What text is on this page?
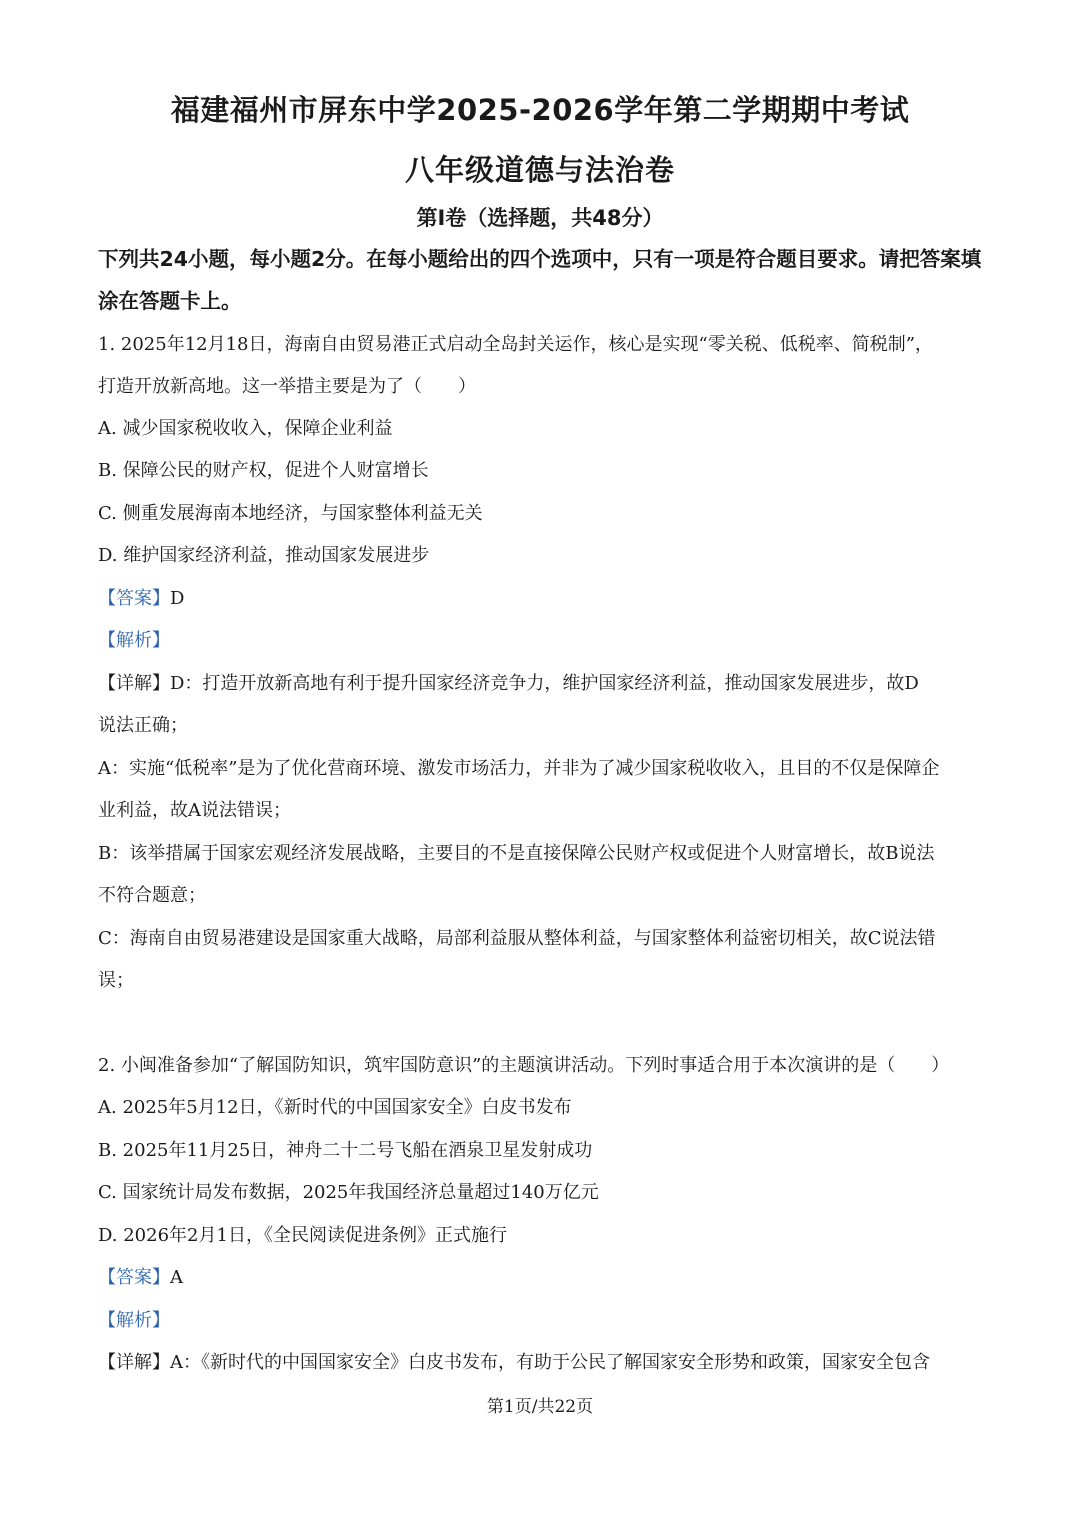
福建福州市屏东中学2025-2026学年第二学期期中考试
八年级道德与法治卷
第Ⅰ卷（选择题，共48分）
下列共24小题，每小题2分。在每小题给出的四个选项中，只有一项是符合题目要求。请把答案填涂在答题卡上。
1. 2025年12月18日，海南自由贸易港正式启动全岛封关运作，核心是实现“零关税、低税率、简税制”，
打造开放新高地。这一举措主要是为了（　　）
A. 减少国家税收收入，保障企业利益
B. 保障公民的财产权，促进个人财富增长
C. 侧重发展海南本地经济，与国家整体利益无关
D. 维护国家经济利益，推动国家发展进步
【答案】D
【解析】
【详解】D：打造开放新高地有利于提升国家经济竞争力，维护国家经济利益，推动国家发展进步，故D
说法正确；
A：实施“低税率”是为了优化营商环境、激发市场活力，并非为了减少国家税收收入，且目的不仅是保障企
业利益，故A说法错误；
B：该举措属于国家宏观经济发展战略，主要目的不是直接保障公民财产权或促进个人财富增长，故B说法
不符合题意；
C：海南自由贸易港建设是国家重大战略，局部利益服从整体利益，与国家整体利益密切相关，故C说法错
误；
2. 小闽准备参加“了解国防知识，筑牢国防意识”的主题演讲活动。下列时事适合用于本次演讲的是（　　）
A. 2025年5月12日，《新时代的中国国家安全》白皮书发布
B. 2025年11月25日，神舟二十二号飞船在酒泉卫星发射成功
C. 国家统计局发布数据，2025年我国经济总量超过140万亿元
D. 2026年2月1日，《全民阅读促进条例》正式施行
【答案】A
【解析】
【详解】A：《新时代的中国国家安全》白皮书发布，有助于公民了解国家安全形势和政策，国家安全包含
第1页/共22页
